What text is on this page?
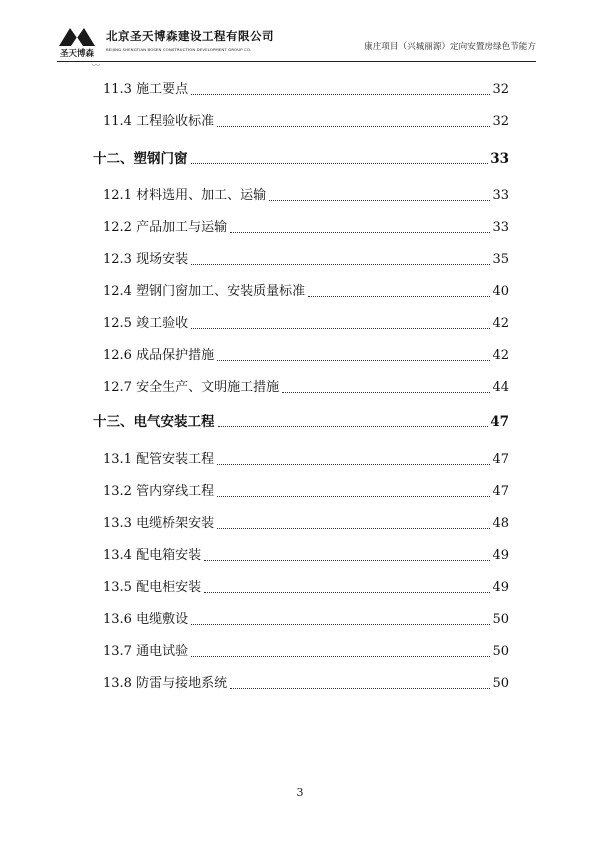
圣天博森
北京圣天博森建设工程有限公司
BEIJING SHENGTIAN BOSEN CONSTRUCTION DEVELOPMENT GROUP CO.	康庄项目（兴城丽源）定向安置房绿色节能方
〰
11.3 施工要点	32
11.4 工程验收标准	32
十二、塑钢门窗	33
12.1 材料选用、加工、运输	33
12.2 产品加工与运输	33
12.3 现场安装	35
12.4 塑钢门窗加工、安装质量标准	40
12.5 竣工验收	42
12.6 成品保护措施	42
12.7 安全生产、文明施工措施	44
十三、电气安装工程	47
13.1 配管安装工程	47
13.2 管内穿线工程	47
13.3 电缆桥架安装	48
13.4 配电箱安装	49
13.5 配电柜安装	49
13.6 电缆敷设	50
13.7 通电试验	50
13.8 防雷与接地系统	50
3
